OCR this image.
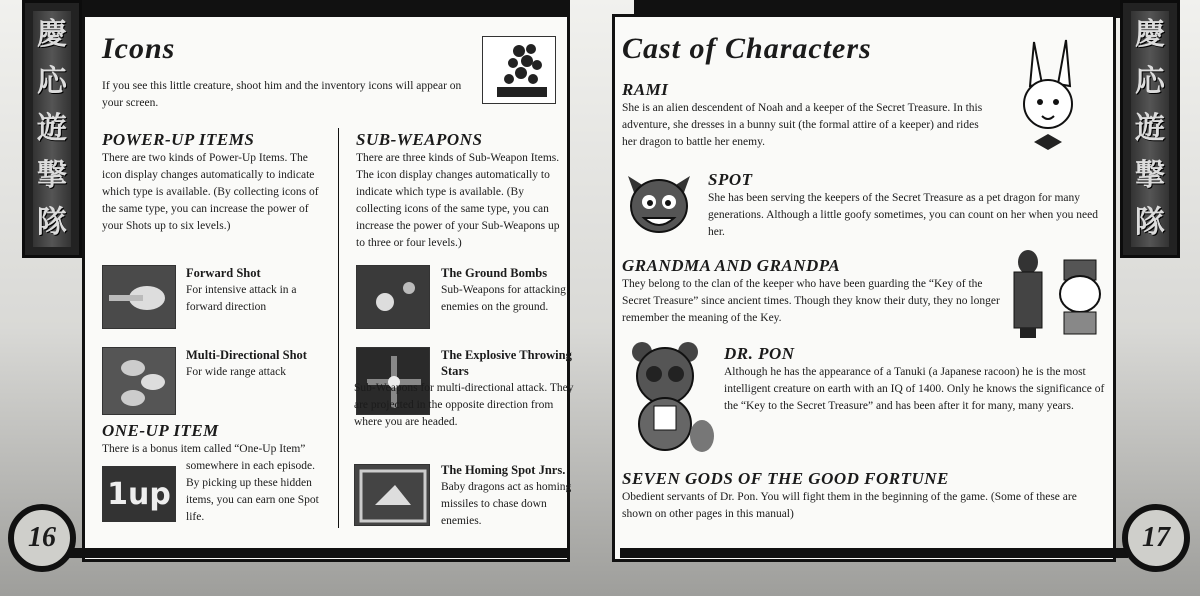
慶
応
遊
撃
隊
Icons

If you see this little creature, shoot him and the inventory icons will appear on your screen.

POWER-UP ITEMS

There are two kinds of Power-Up Items. The icon display changes automatically to indicate which type is available. (By collecting icons of the same type, you can increase the power of your Shots up to six levels.)

Forward Shot

For intensive attack in a forward direction

Multi-Directional Shot

For wide range attack

ONE-UP ITEM

There is a bonus item called “One-Up Item”

1up

somewhere in each episode. By picking up these hidden items, you can earn one Spot life.

SUB-WEAPONS

There are three kinds of Sub-Weapon Items. The icon display changes automatically to indicate which type is available. (By collecting icons of the same type, you can increase the power of your Sub-Weapons up to three or four levels.)

The Ground Bombs

Sub-Weapons for attacking enemies on the ground.

The Explosive Throwing Stars

Sub-Weapons for multi-directional attack. They are projected in the opposite direction from where you are headed.

The Homing Spot Jnrs.

Baby dragons act as homing missiles to chase down enemies.

16
慶
応
遊
撃
隊
Cast of Characters
RAMI

She is an alien descendent of Noah and a keeper of the Secret Treasure. In this adventure, she dresses in a bunny suit (the formal attire of a keeper) and rides her dragon to battle her enemy.

SPOT

She has been serving the keepers of the Secret Treasure as a pet dragon for many generations. Although a little goofy sometimes, you can count on her when you need her.

GRANDMA AND GRANDPA

They belong to the clan of the keeper who have been guarding the “Key of the Secret Treasure” since ancient times. Though they know their duty, they no longer remember the meaning of the Key.

DR. PON

Although he has the appearance of a Tanuki (a Japanese racoon) he is the most intelligent creature on earth with an IQ of 1400. Only he knows the significance of the “Key to the Secret Treasure” and has been after it for many, many years.

SEVEN GODS OF THE GOOD FORTUNE

Obedient servants of Dr. Pon. You will fight them in the beginning of the game. (Some of these are shown on other pages in this manual)

17
